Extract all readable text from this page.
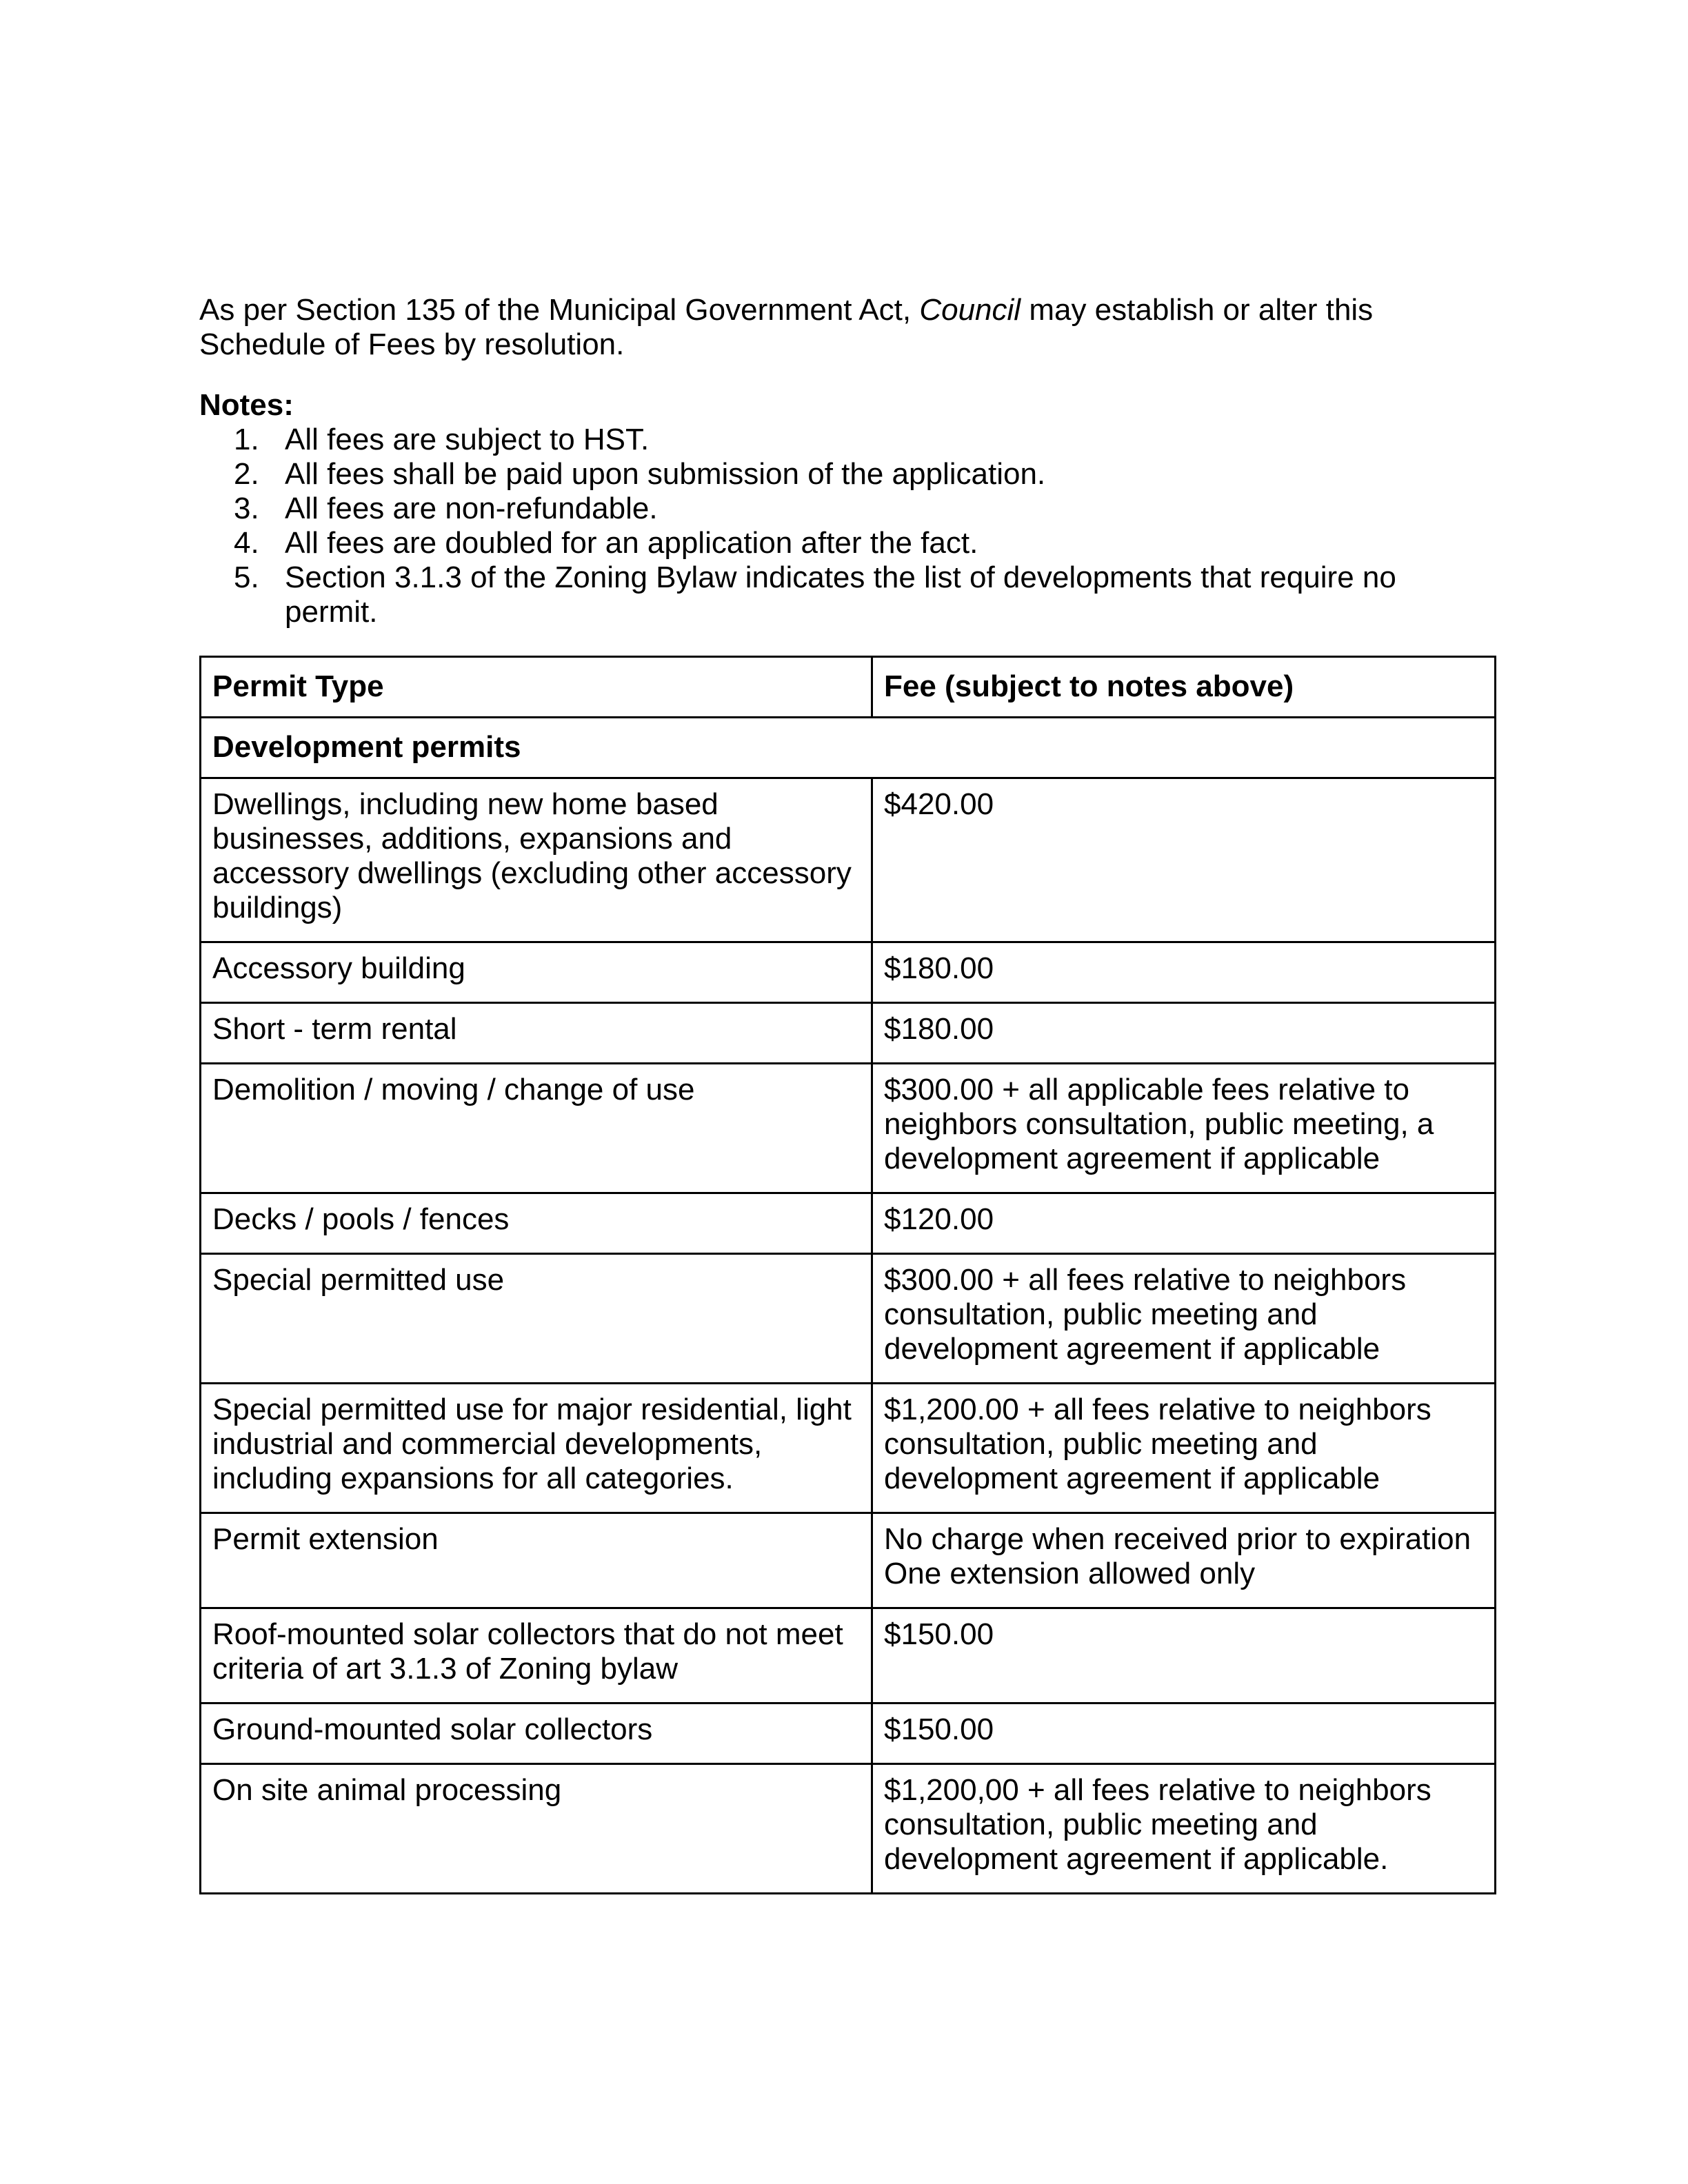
As per Section 135 of the Municipal Government Act, Council may establish or alter this Schedule of Fees by resolution.

Notes:
1. All fees are subject to HST.
2. All fees shall be paid upon submission of the application.
3. All fees are non-refundable.
4. All fees are doubled for an application after the fact.
5. Section 3.1.3 of the Zoning Bylaw indicates the list of developments that require no permit.
Permit Type	Fee (subject to notes above)
Development permits	
Dwellings, including new home based businesses, additions, expansions and accessory dwellings (excluding other accessory buildings)	$420.00

Accessory building	$180.00

Short - term rental	$180.00

Demolition / moving / change of use	$300.00 + all applicable fees relative to neighbors consultation, public meeting, a development agreement if applicable

Decks / pools / fences	$120.00

Special permitted use	$300.00 + all fees relative to neighbors consultation, public meeting and development agreement if applicable

Special permitted use for major residential, light industrial and commercial developments, including expansions for all categories.	$1,200.00 + all fees relative to neighbors consultation, public meeting and development agreement if applicable

Permit extension	No charge when received prior to expiration
One extension allowed only

Roof-mounted solar collectors that do not meet criteria of art 3.1.3 of Zoning bylaw	$150.00

Ground-mounted solar collectors	$150.00

On site animal processing	$1,200,00 + all fees relative to neighbors consultation, public meeting and development agreement if applicable.
